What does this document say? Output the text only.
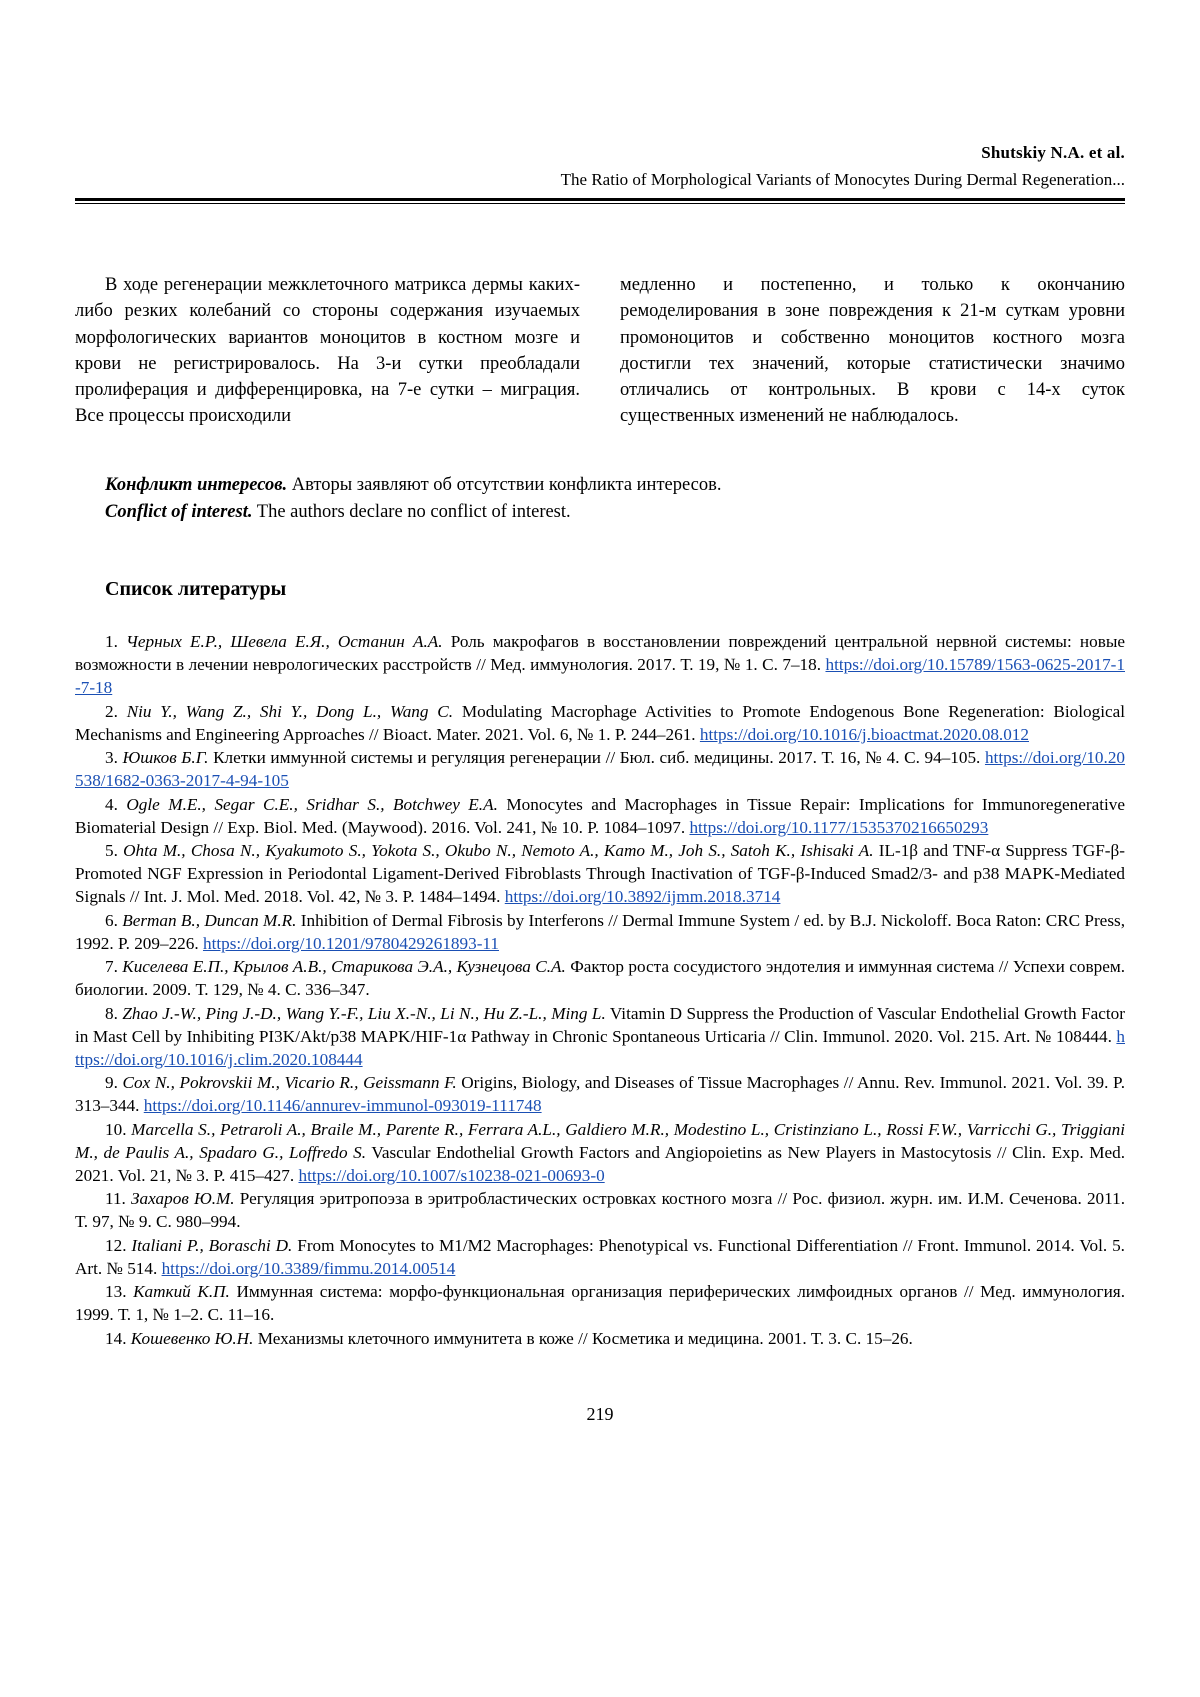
Shutskiy N.A. et al.
The Ratio of Morphological Variants of Monocytes During Dermal Regeneration...

В ходе регенерации межклеточного матрикса дермы каких-либо резких колебаний со стороны содержания изучаемых морфологических вариантов моноцитов в костном мозге и крови не регистрировалось. На 3-и сутки преобладали пролиферация и дифференцировка, на 7-е сутки – миграция. Все процессы происходили

медленно и постепенно, и только к окончанию ремоделирования в зоне повреждения к 21-м суткам уровни промоноцитов и собственно моноцитов костного мозга достигли тех значений, которые статистически значимо отличались от контрольных. В крови с 14-х суток существенных изменений не наблюдалось.

Конфликт интересов. Авторы заявляют об отсутствии конфликта интересов.

Conflict of interest. The authors declare no conflict of interest.

Список литературы

1. Черных Е.Р., Шевела Е.Я., Останин А.А. Роль макрофагов в восстановлении повреждений центральной нервной системы: новые возможности в лечении неврологических расстройств // Мед. иммунология. 2017. Т. 19, № 1. С. 7–18. https://doi.org/10.15789/1563-0625-2017-1-7-18

2. Niu Y., Wang Z., Shi Y., Dong L., Wang C. Modulating Macrophage Activities to Promote Endogenous Bone Regeneration: Biological Mechanisms and Engineering Approaches // Bioact. Mater. 2021. Vol. 6, № 1. P. 244–261. https://doi.org/10.1016/j.bioactmat.2020.08.012

3. Юшков Б.Г. Клетки иммунной системы и регуляция регенерации // Бюл. сиб. медицины. 2017. Т. 16, № 4. С. 94–105. https://doi.org/10.20538/1682-0363-2017-4-94-105

4. Ogle M.E., Segar C.E., Sridhar S., Botchwey E.A. Monocytes and Macrophages in Tissue Repair: Implications for Immunoregenerative Biomaterial Design // Exp. Biol. Med. (Maywood). 2016. Vol. 241, № 10. P. 1084–1097. https://doi.org/10.1177/1535370216650293

5. Ohta M., Chosa N., Kyakumoto S., Yokota S., Okubo N., Nemoto A., Kamo M., Joh S., Satoh K., Ishisaki A. IL-1β and TNF-α Suppress TGF-β-Promoted NGF Expression in Periodontal Ligament-Derived Fibroblasts Through Inactivation of TGF-β-Induced Smad2/3- and p38 MAPK-Mediated Signals // Int. J. Mol. Med. 2018. Vol. 42, № 3. P. 1484–1494. https://doi.org/10.3892/ijmm.2018.3714

6. Berman B., Duncan M.R. Inhibition of Dermal Fibrosis by Interferons // Dermal Immune System / ed. by B.J. Nickoloff. Boca Raton: CRC Press, 1992. P. 209–226. https://doi.org/10.1201/9780429261893-11

7. Киселева Е.П., Крылов А.В., Старикова Э.А., Кузнецова С.А. Фактор роста сосудистого эндотелия и иммунная система // Успехи соврем. биологии. 2009. Т. 129, № 4. С. 336–347.

8. Zhao J.-W., Ping J.-D., Wang Y.-F., Liu X.-N., Li N., Hu Z.-L., Ming L. Vitamin D Suppress the Production of Vascular Endothelial Growth Factor in Mast Cell by Inhibiting PI3K/Akt/p38 MAPK/HIF-1α Pathway in Chronic Spontaneous Urticaria // Clin. Immunol. 2020. Vol. 215. Art. № 108444. https://doi.org/10.1016/j.clim.2020.108444

9. Cox N., Pokrovskii M., Vicario R., Geissmann F. Origins, Biology, and Diseases of Tissue Macrophages // Annu. Rev. Immunol. 2021. Vol. 39. P. 313–344. https://doi.org/10.1146/annurev-immunol-093019-111748

10. Marcella S., Petraroli A., Braile M., Parente R., Ferrara A.L., Galdiero M.R., Modestino L., Cristinziano L., Rossi F.W., Varricchi G., Triggiani M., de Paulis A., Spadaro G., Loffredo S. Vascular Endothelial Growth Factors and Angiopoietins as New Players in Mastocytosis // Clin. Exp. Med. 2021. Vol. 21, № 3. P. 415–427. https://doi.org/10.1007/s10238-021-00693-0

11. Захаров Ю.М. Регуляция эритропоэза в эритробластических островках костного мозга // Рос. физиол. журн. им. И.М. Сеченова. 2011. Т. 97, № 9. С. 980–994.

12. Italiani P., Boraschi D. From Monocytes to M1/M2 Macrophages: Phenotypical vs. Functional Differentiation // Front. Immunol. 2014. Vol. 5. Art. № 514. https://doi.org/10.3389/fimmu.2014.00514

13. Каткий К.П. Иммунная система: морфо-функциональная организация периферических лимфоидных органов // Мед. иммунология. 1999. Т. 1, № 1–2. С. 11–16.

14. Кошевенко Ю.Н. Механизмы клеточного иммунитета в коже // Косметика и медицина. 2001. Т. 3. С. 15–26.

219
